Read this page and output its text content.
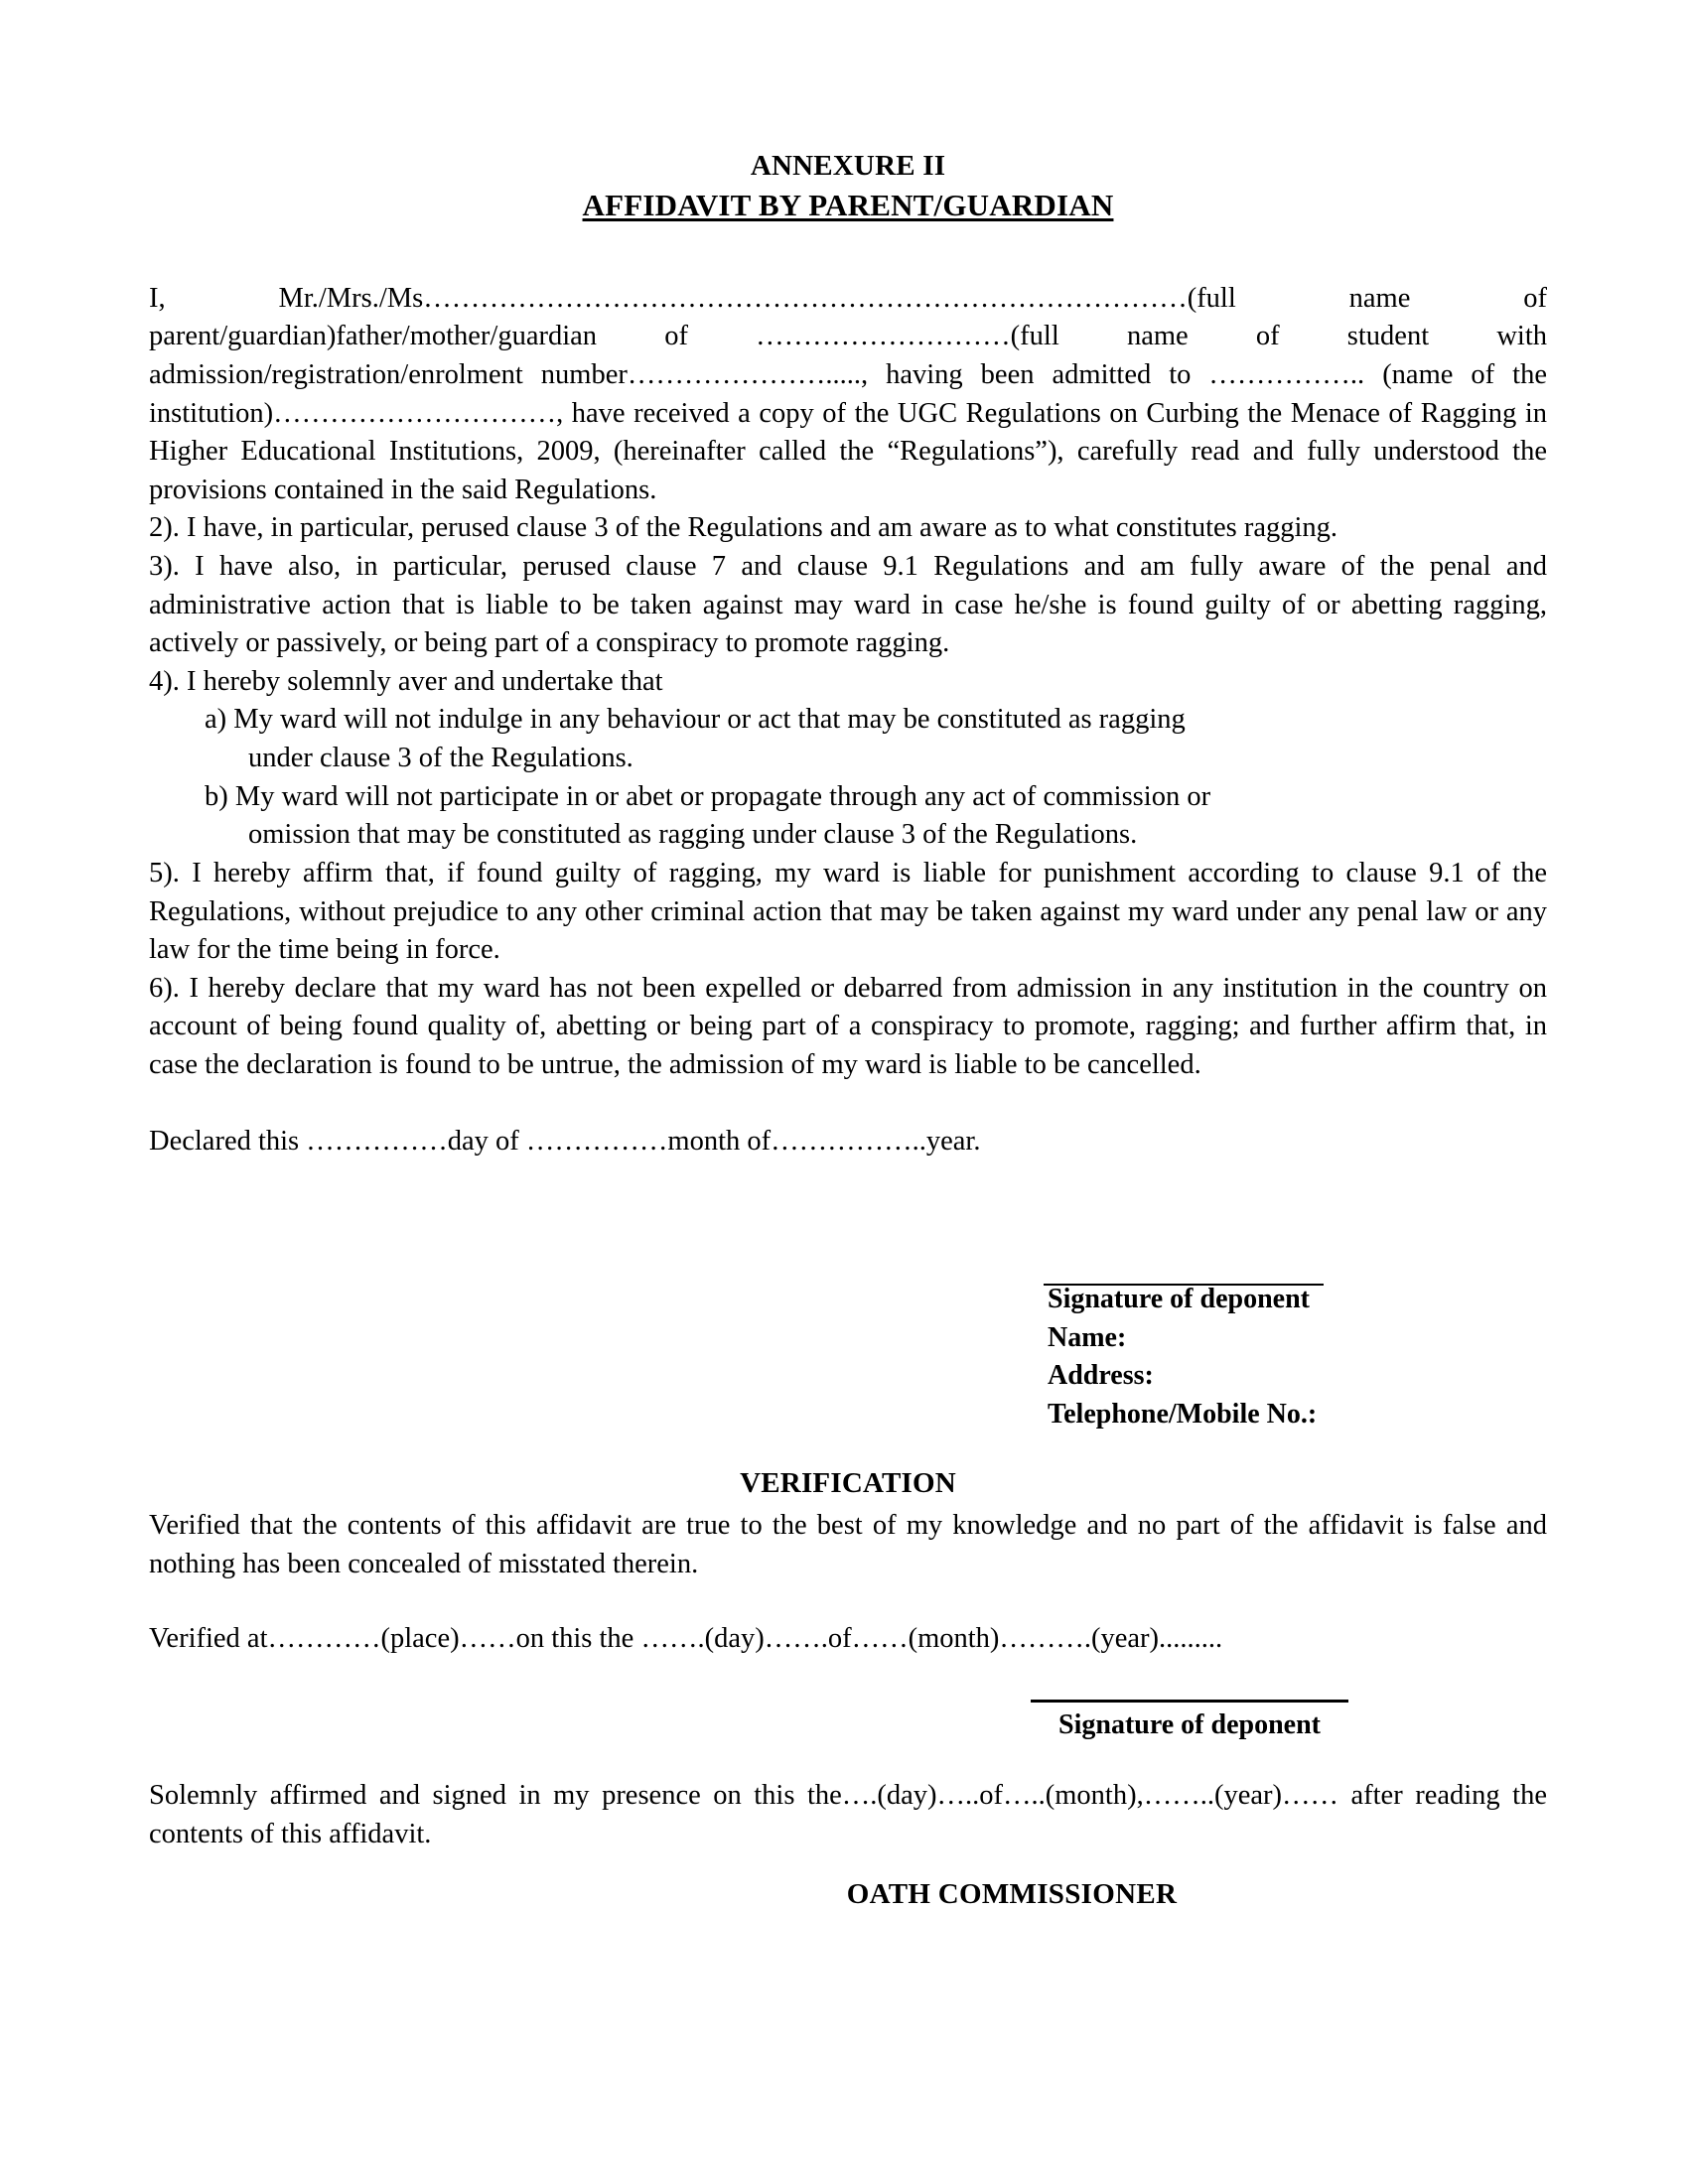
ANNEXURE II
AFFIDAVIT BY PARENT/GUARDIAN

I, Mr./Mrs./Ms………………………………………………………………………(full name of parent/guardian)father/mother/guardian of ………………………(full name of student with admission/registration/enrolment number…………………....., having been admitted to …………….. (name of the institution)…………………………, have received a copy of the UGC Regulations on Curbing the Menace of Ragging in Higher Educational Institutions, 2009, (hereinafter called the “Regulations”), carefully read and fully understood the provisions contained in the said Regulations.

2). I have, in particular, perused clause 3 of the Regulations and am aware as to what constitutes ragging.

3). I have also, in particular, perused clause 7 and clause 9.1 Regulations and am fully aware of the penal and administrative action that is liable to be taken against may ward in case he/she is found guilty of or abetting ragging, actively or passively, or being part of a conspiracy to promote ragging.

4). I hereby solemnly aver and undertake that

a) My ward will not indulge in any behaviour or act that may be constituted as ragging
under clause 3 of the Regulations.

b) My ward will not participate in or abet or propagate through any act of commission or
omission that may be constituted as ragging under clause 3 of the Regulations.

5). I hereby affirm that, if found guilty of ragging, my ward is liable for punishment according to clause 9.1 of the Regulations, without prejudice to any other criminal action that may be taken against my ward under any penal law or any law for the time being in force.

6). I hereby declare that my ward has not been expelled or debarred from admission in any institution in the country on account of being found quality of, abetting or being part of a conspiracy to promote, ragging; and further affirm that, in case the declaration is found to be untrue, the admission of my ward is liable to be cancelled.

Declared this ……………day of ……………month of……………..year.
Signature of deponent
Name:
Address:
Telephone/Mobile No.:
VERIFICATION

Verified that the contents of this affidavit are true to the best of my knowledge and no part of the affidavit is false and nothing has been concealed of misstated therein.

Verified at…………(place)……on this the …….(day)…….of……(month)……….(year).........
Signature of deponent

Solemnly affirmed and signed in my presence on this the….(day)…..of…..(month),……..(year)…… after reading the contents of this affidavit.

OATH COMMISSIONER
